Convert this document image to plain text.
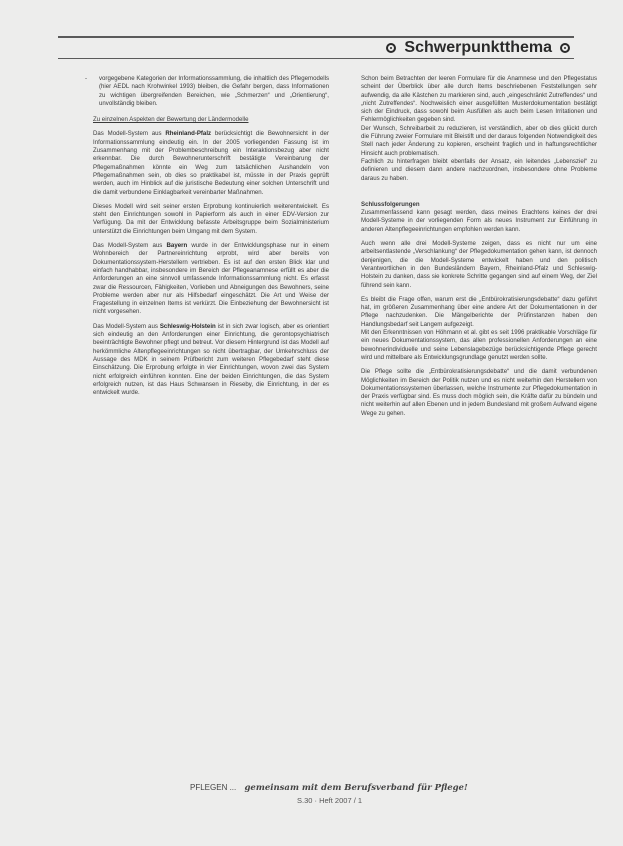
Schwerpunktthema
-	vorgegebene Kategorien der Informationssammlung, die inhaltlich des Pflegemodells (hier AEDL nach Krohwinkel 1993) bleiben, die Gefahr bergen, dass Informationen zu wichtigen übergreifenden Bereichen, wie „Schmerzen“ und „Orientierung“, unvollständig bleiben.

Zu einzelnen Aspekten der Bewertung der Ländermodelle

Das Modell-System aus Rheinland-Pfalz berücksichtigt die Bewohnersicht in der Informationssammlung eindeutig ein. In der 2005 vorliegenden Fassung ist im Zusammenhang mit der Problembeschreibung ein Interaktionsbezug aber nicht erkennbar. Die durch Bewohnerunterschrift bestätigte Vereinbarung der Pflegemaßnahmen könnte ein Weg zum tatsächlichen Aushandeln von Pflegemaßnahmen sein, ob dies so praktikabel ist, müsste in der Praxis geprüft werden, auch im Hinblick auf die juristische Bedeutung einer solchen Unterschrift und die damit verbundene Einklagbarkeit vereinbarter Maßnahmen.

Dieses Modell wird seit seiner ersten Erprobung kontinuierlich weiterentwickelt. Es steht den Einrichtungen sowohl in Papierform als auch in einer EDV-Version zur Verfügung. Da mit der Entwicklung befasste Arbeitsgruppe beim Sozialministerium unterstützt die Einrichtungen beim Umgang mit dem System.

Das Modell-System aus Bayern wurde in der Entwicklungsphase nur in einem Wohnbereich der Partnereinrichtung erprobt, wird aber bereits von Dokumentationssystem-Herstellern vertrieben. Es ist auf den ersten Blick klar und einfach handhabbar, insbesondere im Bereich der Pflegeanamnese erfüllt es aber die Anforderungen an eine sinnvoll umfassende Informationssammlung nicht. Es erfasst zwar die Ressourcen, Fähigkeiten, Vorlieben und Abneigungen des Bewohners, seine Probleme werden aber nur als Hilfsbedarf eingeschätzt. Die Art und Weise der Fragestellung in einzelnen Items ist verkürzt. Die Einbeziehung der Bewohnersicht ist nicht vorgesehen.

Das Modell-System aus Schleswig-Holstein ist in sich zwar logisch, aber es orientiert sich eindeutig an den Anforderungen einer Einrichtung, die gerontopsychiatrisch beeinträchtigte Bewohner pflegt und betreut. Vor diesem Hintergrund ist das Modell auf herkömmliche Altenpflegeeinrichtungen so nicht übertragbar, der Umkehrschluss der Aussage des MDK in seinem Prüfbericht zum weiteren Pflegebedarf steht diese Einschätzung. Die Erprobung erfolgte in vier Einrichtungen, wovon zwei das System nicht erfolgreich einführen konnten. Eine der beiden Einrichtungen, die das System erfolgreich nutzen, ist das Haus Schwansen in Rieseby, die Einrichtung, in der es entwickelt wurde.

Schon beim Betrachten der leeren Formulare für die Anamnese und den Pflegestatus scheint der Überblick über alle durch Items beschriebenen Feststellungen sehr aufwendig, da alle Kästchen zu markieren sind, auch „eingeschränkt Zutreffendes“ und „nicht Zutreffendes“. Nochweislich einer ausgefüllten Musterdokumentation bestätigt sich der Eindruck, dass sowohl beim Ausfüllen als auch beim Lesen Irritationen und Fehlermöglichkeiten gegeben sind.

Der Wunsch, Schreibarbeit zu reduzieren, ist verständlich, aber ob dies glückt durch die Führung zweier Formulare mit Bleistift und der daraus folgenden Notwendigkeit des Stell nach jeder Änderung zu kopieren, erscheint fraglich und in haftungsrechtlicher Hinsicht auch problematisch.

Fachlich zu hinterfragen bleibt ebenfalls der Ansatz, ein leitendes „Lebensziel“ zu definieren und diesem dann andere nachzuordnen, insbesondere ohne Probleme daraus zu haben.

Schlussfolgerungen

Zusammenfassend kann gesagt werden, dass meines Erachtens keines der drei Modell-Systeme in der vorliegenden Form als neues Instrument zur Einführung in anderen Altenpflegeeinrichtungen empfohlen werden kann.

Auch wenn alle drei Modell-Systeme zeigen, dass es nicht nur um eine arbeitsentlastende „Verschlankung“ der Pflegedokumentation gehen kann, ist dennoch denjenigen, die die Modell-Systeme entwickelt haben und den politisch Verantwortlichen in den Bundesländern Bayern, Rheinland-Pfalz und Schleswig-Holstein zu danken, dass sie konkrete Schritte gegangen sind auf einem Weg, der Ziel führend sein kann.

Es bleibt die Frage offen, warum erst die „Entbürokratisierungsdebatte“ dazu geführt hat, im größeren Zusammenhang über eine andere Art der Dokumentationen in der Pflege nachzudenken. Die Mängelberichte der Prüfinstanzen haben den Handlungsbedarf seit Langem aufgezeigt.

Mit den Erkenntnissen von Höhmann et al. gibt es seit 1996 praktikable Vorschläge für ein neues Dokumentationssystem, das allen professionellen Anforderungen an eine bewohnerindividuelle und seine Lebenslagebezüge berücksichtigende Pflege gerecht wird und mittelbare als Entwicklungsgrundlage genutzt werden sollte.

Die Pflege sollte die „Entbürokratisierungsdebatte“ und die damit verbundenen Möglichkeiten im Bereich der Politik nutzen und es nicht weiterhin den Herstellern von Dokumentationssystemen überlassen, welche Instrumente zur Pflegedokumentation in der Praxis verfügbar sind. Es muss doch möglich sein, die Kräfte dafür zu bündeln und nicht weiterhin auf allen Ebenen und in jedem Bundesland mit großem Aufwand eigene Wege zu gehen.

PFLEGEN ... gemeinsam mit dem Berufsverband für Pflege!
S.30 · Heft 2007 / 1
